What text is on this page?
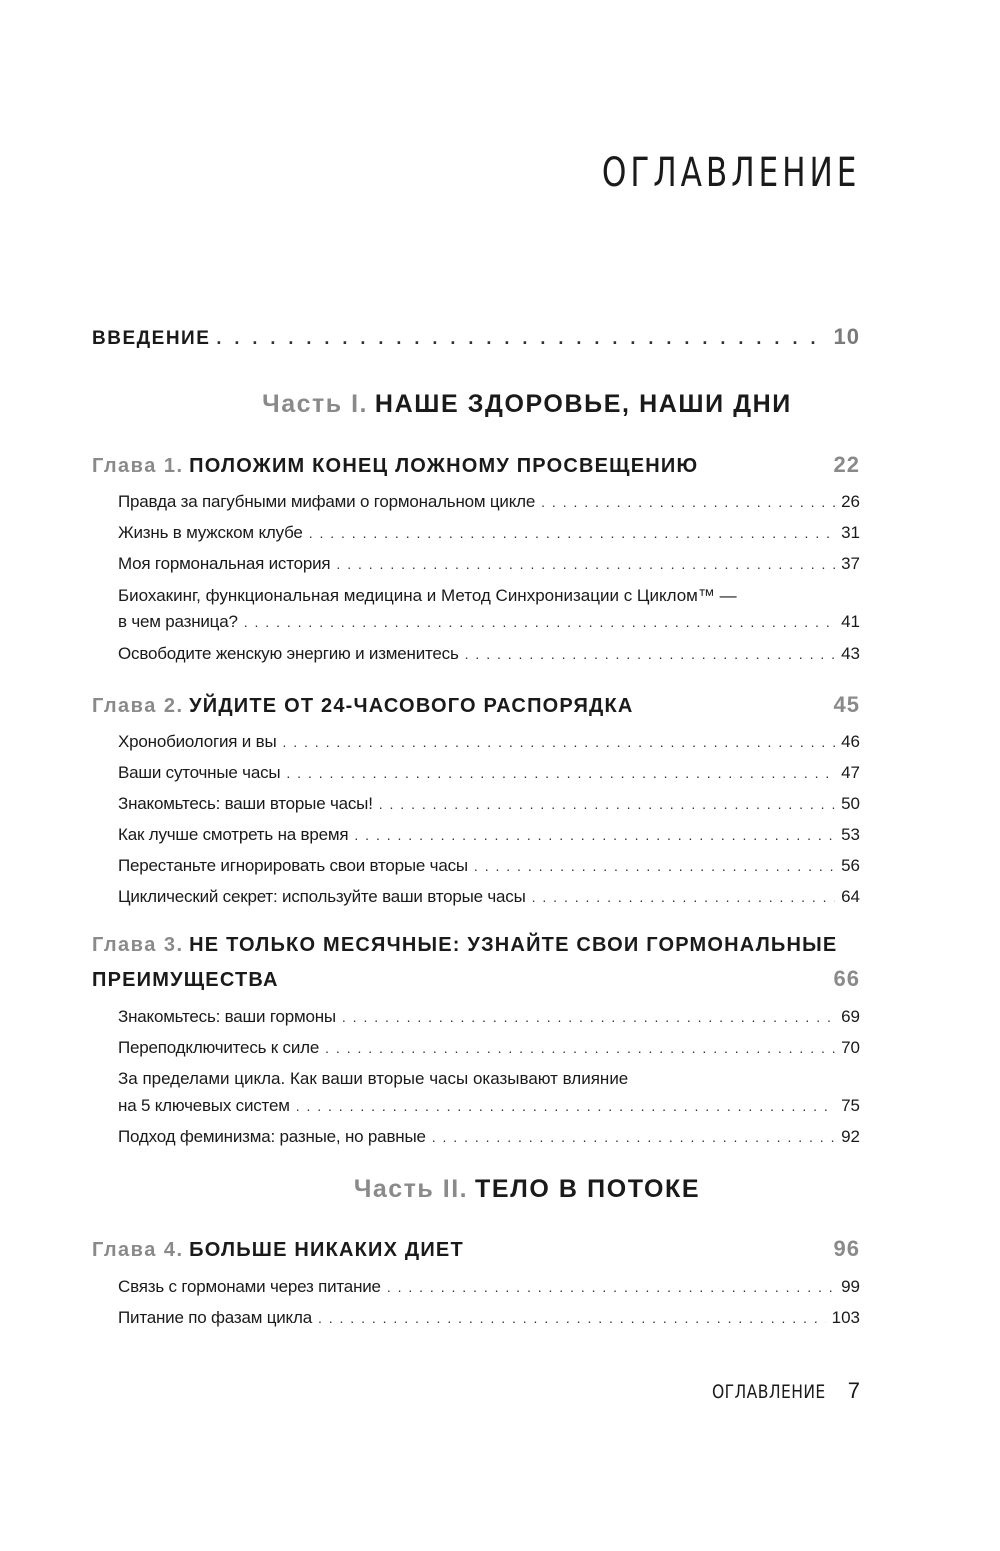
ОГЛАВЛЕНИЕ
ВВЕДЕНИЕ . . .	10
Часть I. НАШЕ ЗДОРОВЬЕ, НАШИ ДНИ
Глава 1. ПОЛОЖИМ КОНЕЦ ЛОЖНОМУ ПРОСВЕЩЕНИЮ	22
Правда за пагубными мифами о гормональном цикле . . .	26
Жизнь в мужском клубе . . .	31
Моя гормональная история . . .	37
Биохакинг, функциональная медицина и Метод Синхронизации с Циклом™ —
в чем разница? . . .	41
Освободите женскую энергию и изменитесь . . .	43
Глава 2. УЙДИТЕ ОТ 24-ЧАСОВОГО РАСПОРЯДКА	45
Хронобиология и вы . . .	46
Ваши суточные часы . . .	47
Знакомьтесь: ваши вторые часы! . . .	50
Как лучше смотреть на время . . .	53
Перестаньте игнорировать свои вторые часы . . .	56
Циклический секрет: используйте ваши вторые часы . . .	64
Глава 3. НЕ ТОЛЬКО МЕСЯЧНЫЕ: УЗНАЙТЕ СВОИ ГОРМОНАЛЬНЫЕ
ПРЕИМУЩЕСТВА	66
Знакомьтесь: ваши гормоны . . .	69
Переподключитесь к силе . . .	70
За пределами цикла. Как ваши вторые часы оказывают влияние
на 5 ключевых систем . . .	75
Подход феминизма: разные, но равные . . .	92
Часть II. ТЕЛО В ПОТОКЕ
Глава 4. БОЛЬШЕ НИКАКИХ ДИЕТ	96
Связь с гормонами через питание . . .	99
Питание по фазам цикла . . .	103
ОГЛАВЛЕНИЕ 7
